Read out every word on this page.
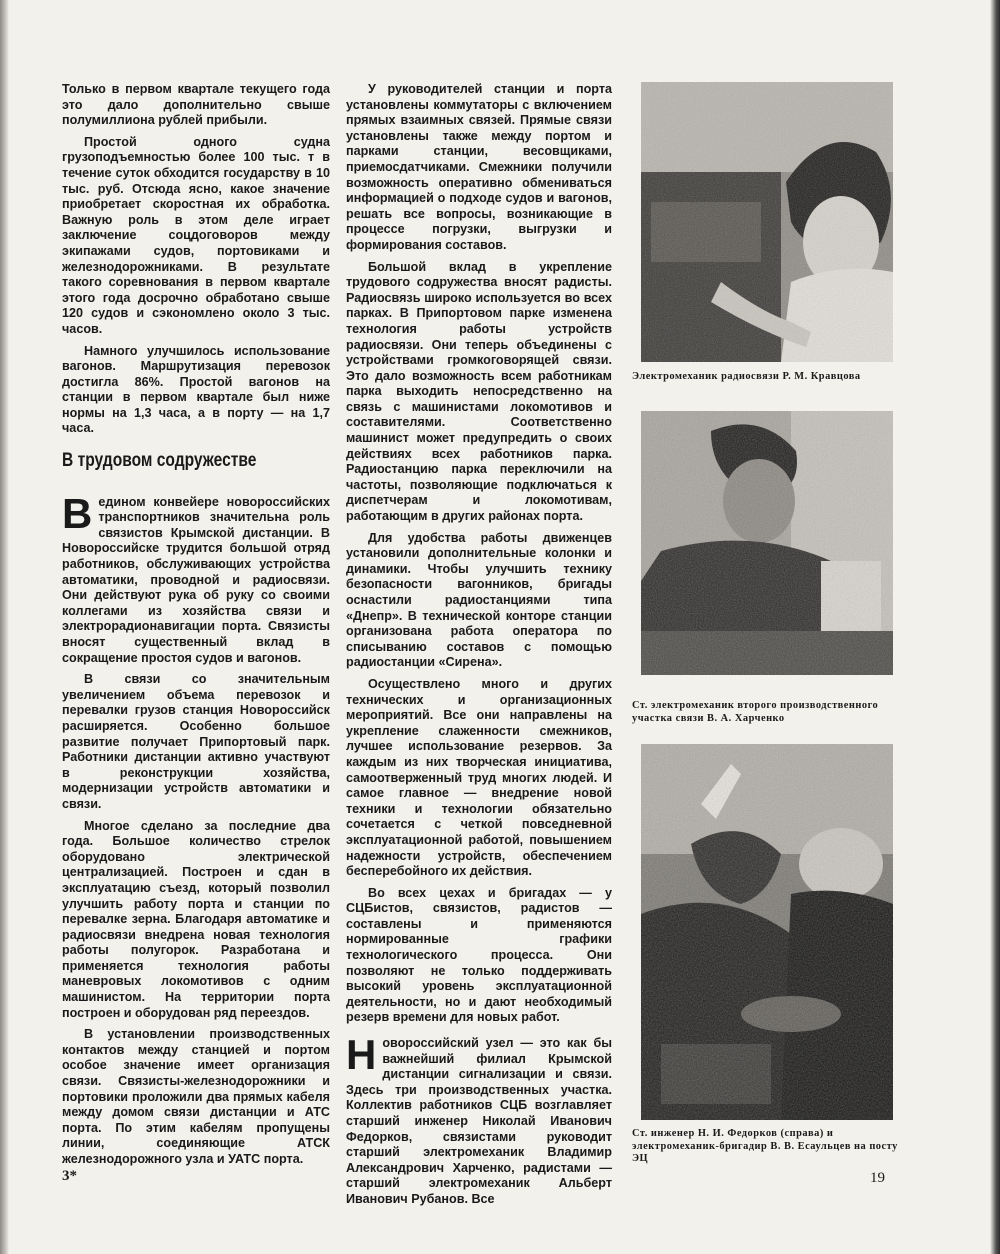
Только в первом квартале текущего года это дало дополнительно свыше полумиллиона рублей прибыли.

Простой одного судна грузоподъемностью более 100 тыс. т в течение суток обходится государству в 10 тыс. руб. Отсюда ясно, какое значение приобретает скоростная их обработка. Важную роль в этом деле играет заключение соцдоговоров между экипажами судов, портовиками и железнодорожниками. В результате такого соревнования в первом квартале этого года досрочно обработано свыше 120 судов и сэкономлено около 3 тыс. часов.

Намного улучшилось использование вагонов. Маршрутизация перевозок достигла 86%. Простой вагонов на станции в первом квартале был ниже нормы на 1,3 часа, а в порту — на 1,7 часа.

В трудовом содружестве

В едином конвейере новороссийских транспортников значительна роль связистов Крымской дистанции. В Новороссийске трудится большой отряд работников, обслуживающих устройства автоматики, проводной и радиосвязи. Они действуют рука об руку со своими коллегами из хозяйства связи и электрорадионавигации порта. Связисты вносят существенный вклад в сокращение простоя судов и вагонов.

В связи со значительным увеличением объема перевозок и перевалки грузов станция Новороссийск расширяется. Особенно большое развитие получает Припортовый парк. Работники дистанции активно участвуют в реконструкции хозяйства, модернизации устройств автоматики и связи.

Многое сделано за последние два года. Большое количество стрелок оборудовано электрической централизацией. Построен и сдан в эксплуатацию съезд, который позволил улучшить работу порта и станции по перевалке зерна. Благодаря автоматике и радиосвязи внедрена новая технология работы полугорок. Разработана и применяется технология работы маневровых локомотивов с одним машинистом. На территории порта построен и оборудован ряд переездов.

В установлении производственных контактов между станцией и портом особое значение имеет организация связи. Связисты-железнодорожники и портовики проложили два прямых кабеля между домом связи дистанции и АТС порта. По этим кабелям пропущены линии, соединяющие АТСК железнодорожного узла и УАТС порта.

У руководителей станции и порта установлены коммутаторы с включением прямых взаимных связей. Прямые связи установлены также между портом и парками станции, весовщиками, приемосдатчиками. Смежники получили возможность оперативно обмениваться информацией о подходе судов и вагонов, решать все вопросы, возникающие в процессе погрузки, выгрузки и формирования составов.

Большой вклад в укрепление трудового содружества вносят радисты. Радиосвязь широко используется во всех парках. В Припортовом парке изменена технология работы устройств радиосвязи. Они теперь объединены с устройствами громкоговорящей связи. Это дало возможность всем работникам парка выходить непосредственно на связь с машинистами локомотивов и составителями. Соответственно машинист может предупредить о своих действиях всех работников парка. Радиостанцию парка переключили на частоты, позволяющие подключаться к диспетчерам и локомотивам, работающим в других районах порта.

Для удобства работы движенцев установили дополнительные колонки и динамики. Чтобы улучшить технику безопасности вагонников, бригады оснастили радиостанциями типа «Днепр». В технической конторе станции организована работа оператора по списыванию составов с помощью радиостанции «Сирена».

Осуществлено много и других технических и организационных мероприятий. Все они направлены на укрепление слаженности смежников, лучшее использование резервов. За каждым из них творческая инициатива, самоотверженный труд многих людей. И самое главное — внедрение новой техники и технологии обязательно сочетается с четкой повседневной эксплуатационной работой, повышением надежности устройств, обеспечением бесперебойного их действия.

Во всех цехах и бригадах — у СЦБистов, связистов, радистов — составлены и применяются нормированные графики технологического процесса. Они позволяют не только поддерживать высокий уровень эксплуатационной деятельности, но и дают необходимый резерв времени для новых работ.

Новороссийский узел — это как бы важнейший филиал Крымской дистанции сигнализации и связи. Здесь три производственных участка. Коллектив работников СЦБ возглавляет старший инженер Николай Иванович Федорков, связистами руководит старший электромеханик Владимир Александрович Харченко, радистами — старший электромеханик Альберт Иванович Рубанов. Все

Электромеханик радиосвязи Р. М. Кравцова
Ст. электромеханик второго производственного участка связи В. А. Харченко
Ст. инженер Н. И. Федорков (справа) и электромеханик-бригадир В. В. Есаульцев на посту ЭЦ
3*	19
